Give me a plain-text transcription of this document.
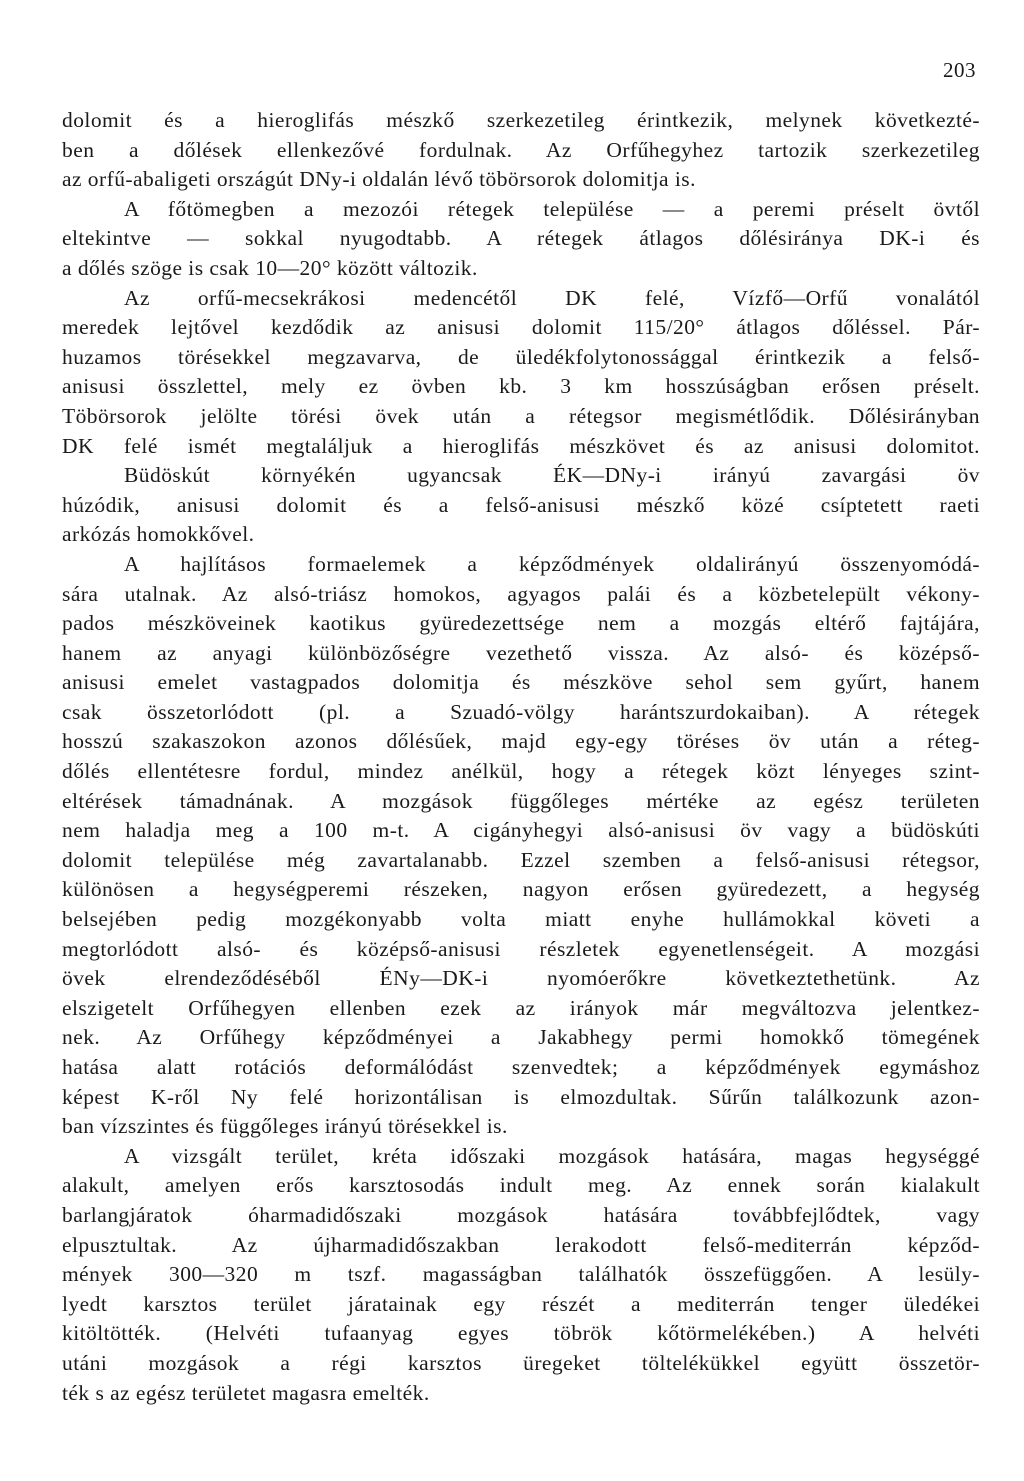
203
dolomit és a hieroglifás mészkő szerkezetileg érintkezik, melynek következté-
ben a dőlések ellenkezővé fordulnak. Az Orfűhegyhez tartozik szerkezetileg
az orfű-abaligeti országút DNy-i oldalán lévő töbörsorok dolomitja is.
A főtömegben a mezozói rétegek települése — a peremi préselt övtől
eltekintve — sokkal nyugodtabb. A rétegek átlagos dőlésiránya DK-i és
a dőlés szöge is csak 10—20° között változik.
Az orfű-mecsekrákosi medencétől DK felé, Vízfő—Orfű vonalától
meredek lejtővel kezdődik az anisusi dolomit 115/20° átlagos dőléssel. Pár-
huzamos törésekkel megzavarva, de üledékfolytonossággal érintkezik a felső-
anisusi összlettel, mely ez övben kb. 3 km hosszúságban erősen préselt.
Töbörsorok jelölte törési övek után a rétegsor megismétlődik. Dőlésirányban
DK felé ismét megtaláljuk a hieroglifás mészkövet és az anisusi dolomitot.
Büdöskút környékén ugyancsak ÉK—DNy-i irányú zavargási öv
húzódik, anisusi dolomit és a felső-anisusi mészkő közé csíptetett raeti
arkózás homokkővel.
A hajlításos formaelemek a képződmények oldalirányú összenyomódá-
sára utalnak. Az alsó-triász homokos, agyagos palái és a közbetelepült vékony-
pados mészköveinek kaotikus gyüredezettsége nem a mozgás eltérő fajtájára,
hanem az anyagi különbözőségre vezethető vissza. Az alsó- és középső-
anisusi emelet vastagpados dolomitja és mészköve sehol sem gyűrt, hanem
csak összetorlódott (pl. a Szuadó-völgy harántszurdokaiban). A rétegek
hosszú szakaszokon azonos dőlésűek, majd egy-egy töréses öv után a réteg-
dőlés ellentétesre fordul, mindez anélkül, hogy a rétegek közt lényeges szint-
eltérések támadnának. A mozgások függőleges mértéke az egész területen
nem haladja meg a 100 m-t. A cigányhegyi alsó-anisusi öv vagy a büdöskúti
dolomit települése még zavartalanabb. Ezzel szemben a felső-anisusi rétegsor,
különösen a hegységperemi részeken, nagyon erősen gyüredezett, a hegység
belsejében pedig mozgékonyabb volta miatt enyhe hullámokkal követi a
megtorlódott alsó- és középső-anisusi részletek egyenetlenségeit. A mozgási
övek elrendeződéséből ÉNy—DK-i nyomóerőkre következtethetünk. Az
elszigetelt Orfűhegyen ellenben ezek az irányok már megváltozva jelentkez-
nek. Az Orfűhegy képződményei a Jakabhegy permi homokkő tömegének
hatása alatt rotációs deformálódást szenvedtek; a képződmények egymáshoz
képest K-ről Ny felé horizontálisan is elmozdultak. Sűrűn találkozunk azon-
ban vízszintes és függőleges irányú törésekkel is.
A vizsgált terület, kréta időszaki mozgások hatására, magas hegységgé
alakult, amelyen erős karsztosodás indult meg. Az ennek során kialakult
barlangjáratok óharmadidőszaki mozgások hatására továbbfejlődtek, vagy
elpusztultak. Az újharmadidőszakban lerakodott felső-mediterrán képződ-
mények 300—320 m tszf. magasságban találhatók összefüggően. A lesüly-
lyedt karsztos terület járatainak egy részét a mediterrán tenger üledékei
kitöltötték. (Helvéti tufaanyag egyes töbrök kőtörmelékében.) A helvéti
utáni mozgások a régi karsztos üregeket töltelékükkel együtt összetör-
ték s az egész területet magasra emelték.
